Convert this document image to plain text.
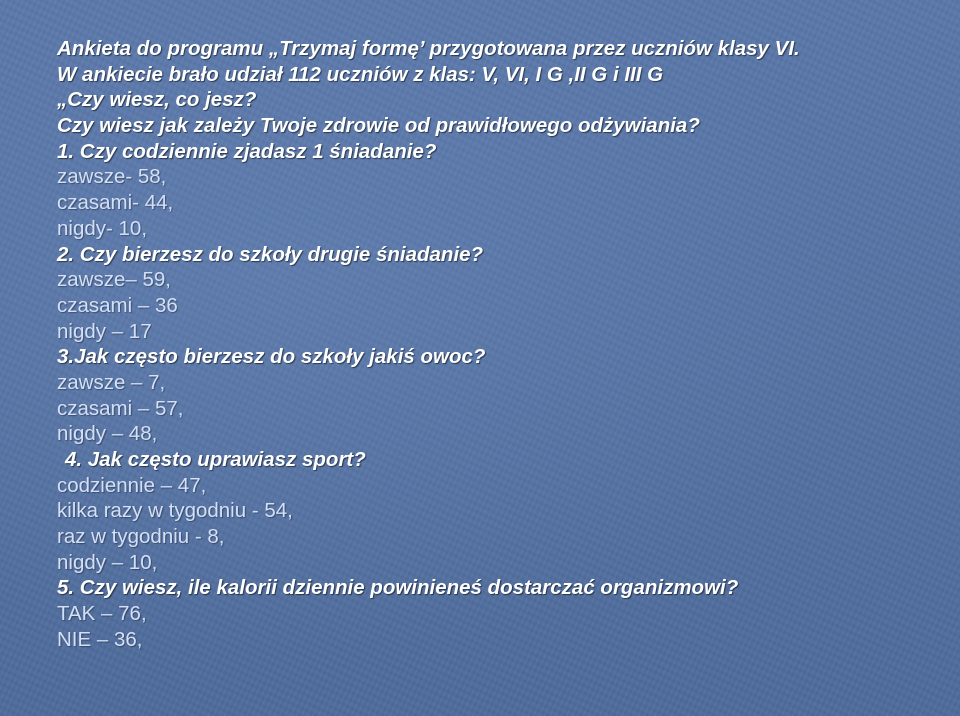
Ankieta do programu „Trzymaj formę’ przygotowana przez uczniów klasy VI.
W ankiecie brało udział 112 uczniów z klas: V, VI, I G ,II G i III G
„Czy wiesz, co jesz?
Czy wiesz jak zależy Twoje zdrowie od prawidłowego odżywiania?
1. Czy codziennie zjadasz 1 śniadanie?
zawsze- 58,
czasami- 44,
nigdy- 10,
2. Czy bierzesz do szkoły drugie śniadanie?
zawsze– 59,
czasami – 36
nigdy – 17
3.Jak często bierzesz do szkoły jakiś owoc?
zawsze – 7,
czasami – 57,
nigdy – 48,
4. Jak często uprawiasz sport?
codziennie – 47,
kilka razy w tygodniu - 54,
raz w tygodniu - 8,
nigdy – 10,
5. Czy wiesz, ile kalorii dziennie powinieneś dostarczać organizmowi?
TAK – 76,
NIE – 36,
